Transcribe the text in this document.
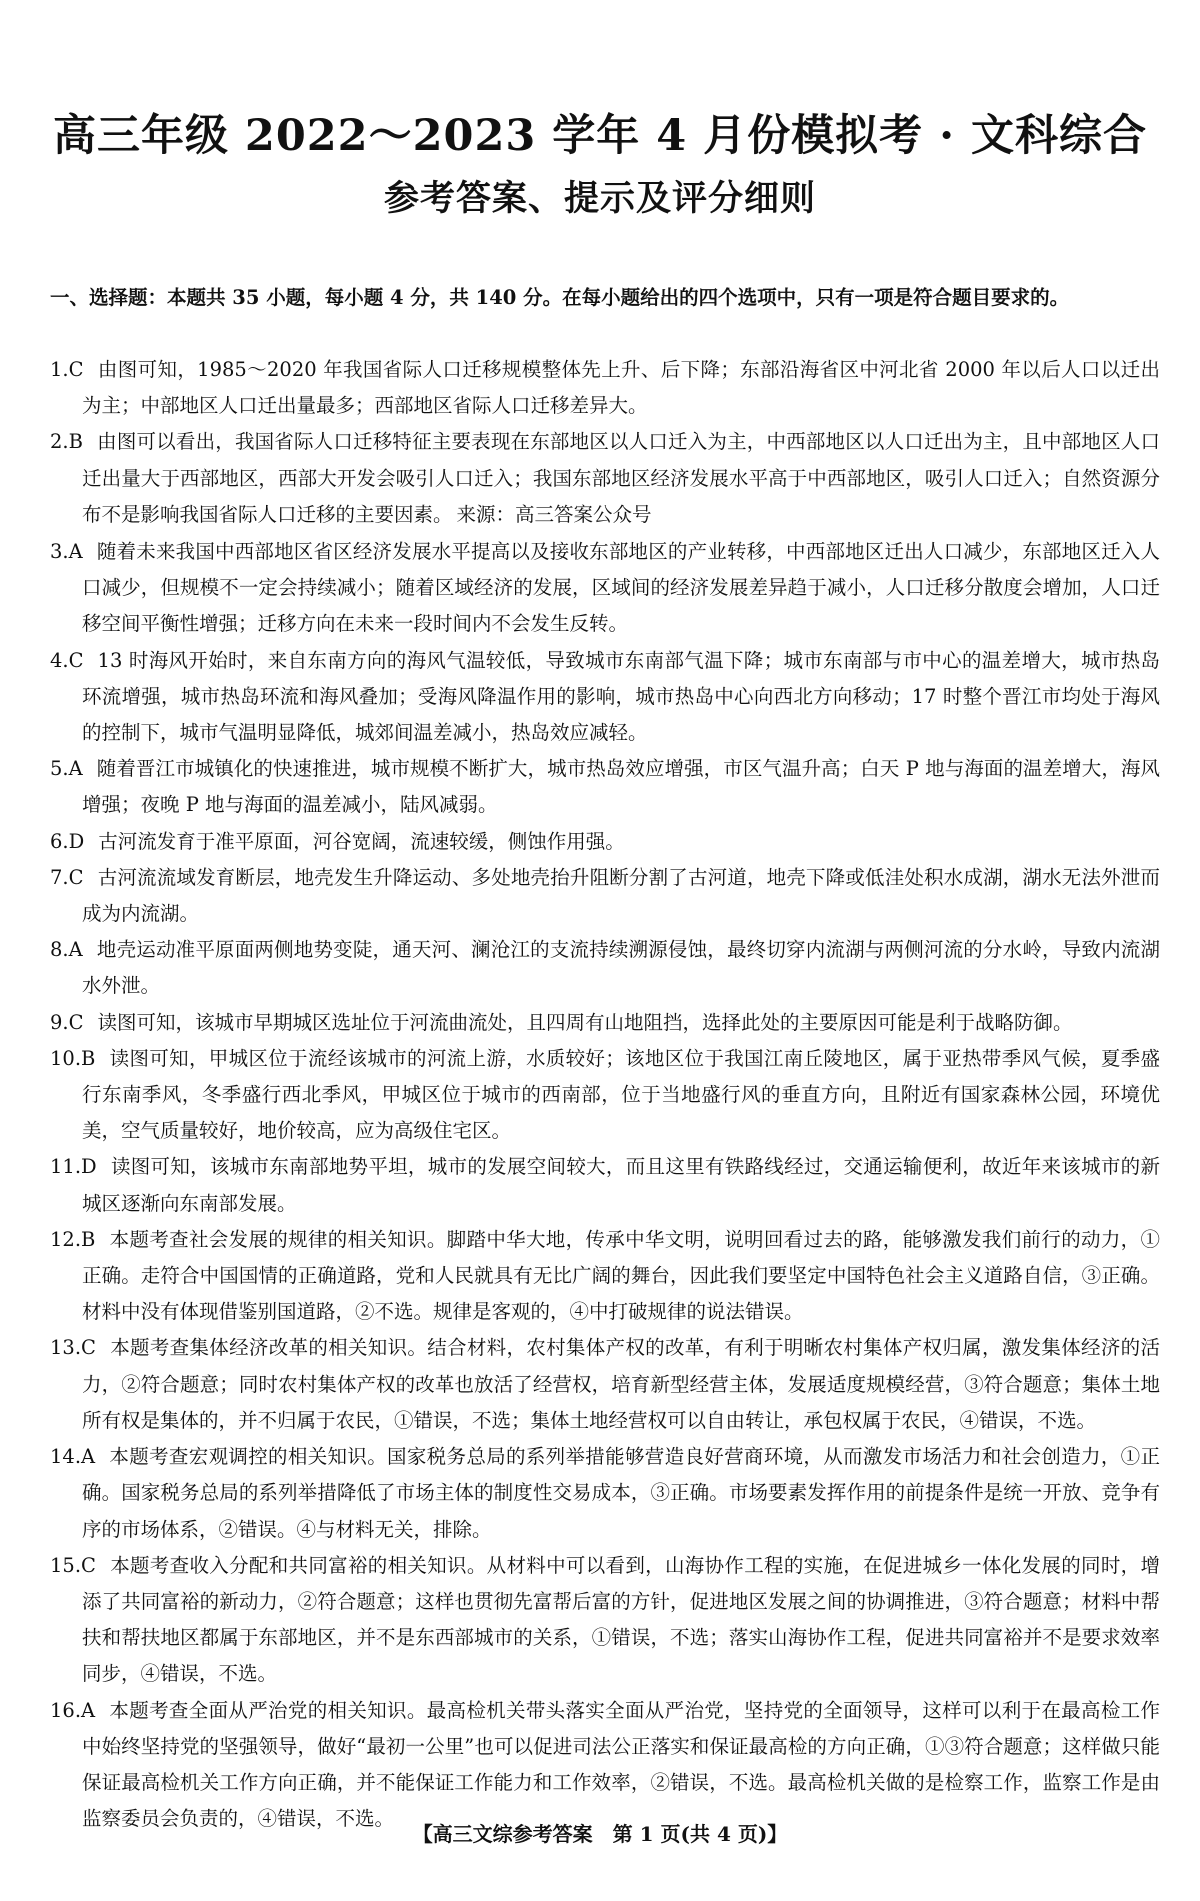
高三年级 2022～2023 学年 4 月份模拟考 · 文科综合
参考答案、提示及评分细则
一、选择题：本题共 35 小题，每小题 4 分，共 140 分。在每小题给出的四个选项中，只有一项是符合题目要求的。
1.C 由图可知，1985～2020 年我国省际人口迁移规模整体先上升、后下降；东部沿海省区中河北省 2000 年以后人口以迁出为主；中部地区人口迁出量最多；西部地区省际人口迁移差异大。
2.B 由图可以看出，我国省际人口迁移特征主要表现在东部地区以人口迁入为主，中西部地区以人口迁出为主，且中部地区人口迁出量大于西部地区，西部大开发会吸引人口迁入；我国东部地区经济发展水平高于中西部地区，吸引人口迁入；自然资源分布不是影响我国省际人口迁移的主要因素。 来源：高三答案公众号
3.A 随着未来我国中西部地区省区经济发展水平提高以及接收东部地区的产业转移，中西部地区迁出人口减少，东部地区迁入人口减少，但规模不一定会持续减小；随着区域经济的发展，区域间的经济发展差异趋于减小，人口迁移分散度会增加，人口迁移空间平衡性增强；迁移方向在未来一段时间内不会发生反转。
4.C 13 时海风开始时，来自东南方向的海风气温较低，导致城市东南部气温下降；城市东南部与市中心的温差增大，城市热岛环流增强，城市热岛环流和海风叠加；受海风降温作用的影响，城市热岛中心向西北方向移动；17 时整个晋江市均处于海风的控制下，城市气温明显降低，城郊间温差减小，热岛效应减轻。
5.A 随着晋江市城镇化的快速推进，城市规模不断扩大，城市热岛效应增强，市区气温升高；白天 P 地与海面的温差增大，海风增强；夜晚 P 地与海面的温差减小，陆风减弱。
6.D 古河流发育于准平原面，河谷宽阔，流速较缓，侧蚀作用强。
7.C 古河流流域发育断层，地壳发生升降运动、多处地壳抬升阻断分割了古河道，地壳下降或低洼处积水成湖，湖水无法外泄而成为内流湖。
8.A 地壳运动准平原面两侧地势变陡，通天河、澜沧江的支流持续溯源侵蚀，最终切穿内流湖与两侧河流的分水岭，导致内流湖水外泄。
9.C 读图可知，该城市早期城区选址位于河流曲流处，且四周有山地阻挡，选择此处的主要原因可能是利于战略防御。
10.B 读图可知，甲城区位于流经该城市的河流上游，水质较好；该地区位于我国江南丘陵地区，属于亚热带季风气候，夏季盛行东南季风，冬季盛行西北季风，甲城区位于城市的西南部，位于当地盛行风的垂直方向，且附近有国家森林公园，环境优美，空气质量较好，地价较高，应为高级住宅区。
11.D 读图可知，该城市东南部地势平坦，城市的发展空间较大，而且这里有铁路线经过，交通运输便利，故近年来该城市的新城区逐渐向东南部发展。
12.B 本题考查社会发展的规律的相关知识。脚踏中华大地，传承中华文明，说明回看过去的路，能够激发我们前行的动力，①正确。走符合中国国情的正确道路，党和人民就具有无比广阔的舞台，因此我们要坚定中国特色社会主义道路自信，③正确。材料中没有体现借鉴别国道路，②不选。规律是客观的，④中打破规律的说法错误。
13.C 本题考查集体经济改革的相关知识。结合材料，农村集体产权的改革，有利于明晰农村集体产权归属，激发集体经济的活力，②符合题意；同时农村集体产权的改革也放活了经营权，培育新型经营主体，发展适度规模经营，③符合题意；集体土地所有权是集体的，并不归属于农民，①错误，不选；集体土地经营权可以自由转让，承包权属于农民，④错误，不选。
14.A 本题考查宏观调控的相关知识。国家税务总局的系列举措能够营造良好营商环境，从而激发市场活力和社会创造力，①正确。国家税务总局的系列举措降低了市场主体的制度性交易成本，③正确。市场要素发挥作用的前提条件是统一开放、竞争有序的市场体系，②错误。④与材料无关，排除。
15.C 本题考查收入分配和共同富裕的相关知识。从材料中可以看到，山海协作工程的实施，在促进城乡一体化发展的同时，增添了共同富裕的新动力，②符合题意；这样也贯彻先富帮后富的方针，促进地区发展之间的协调推进，③符合题意；材料中帮扶和帮扶地区都属于东部地区，并不是东西部城市的关系，①错误，不选；落实山海协作工程，促进共同富裕并不是要求效率同步，④错误，不选。
16.A 本题考查全面从严治党的相关知识。最高检机关带头落实全面从严治党，坚持党的全面领导，这样可以利于在最高检工作中始终坚持党的坚强领导，做好“最初一公里”也可以促进司法公正落实和保证最高检的方向正确，①③符合题意；这样做只能保证最高检机关工作方向正确，并不能保证工作能力和工作效率，②错误，不选。最高检机关做的是检察工作，监察工作是由监察委员会负责的，④错误，不选。
【高三文综参考答案　第 1 页(共 4 页)】
